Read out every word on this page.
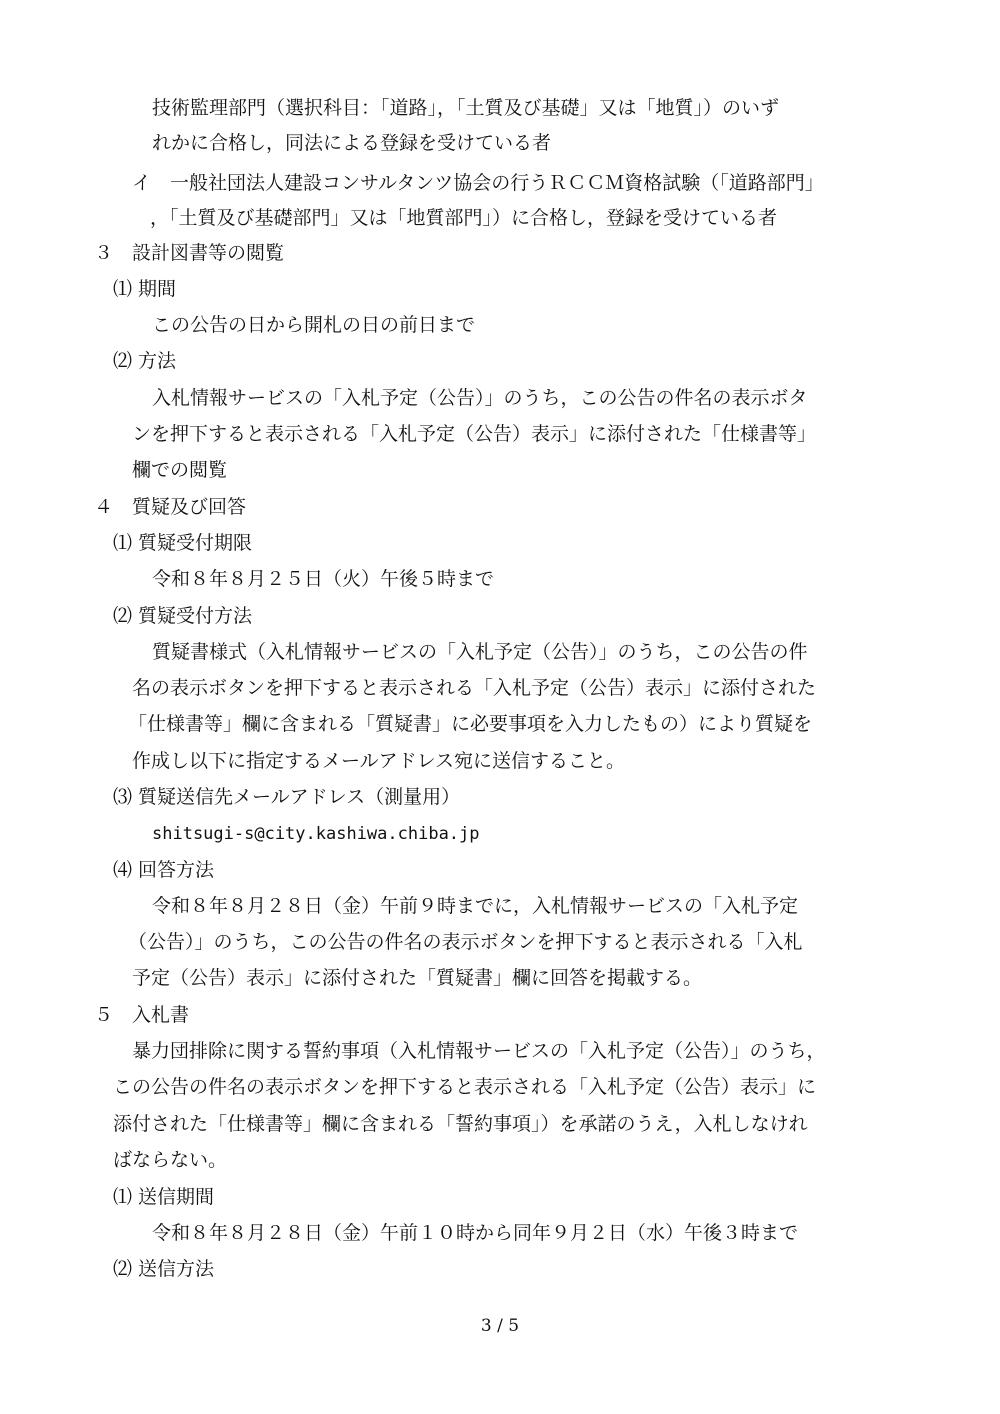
技術監理部門（選択科目：「道路」，「土質及び基礎」又は「地質」）のいず
れかに合格し，同法による登録を受けている者
イ　一般社団法人建設コンサルタンツ協会の行うＲＣＣＭ資格試験（「道路部門」
，「土質及び基礎部門」又は「地質部門」）に合格し，登録を受けている者
３　設計図書等の閲覧
⑴ 期間
この公告の日から開札の日の前日まで
⑵ 方法
入札情報サービスの「入札予定（公告）」のうち，この公告の件名の表示ボタ
ンを押下すると表示される「入札予定（公告）表示」に添付された「仕様書等」
欄での閲覧
４　質疑及び回答
⑴ 質疑受付期限
令和８年８月２５日（火）午後５時まで
⑵ 質疑受付方法
質疑書様式（入札情報サービスの「入札予定（公告）」のうち，この公告の件
名の表示ボタンを押下すると表示される「入札予定（公告）表示」に添付された
「仕様書等」欄に含まれる「質疑書」に必要事項を入力したもの）により質疑を
作成し以下に指定するメールアドレス宛に送信すること。
⑶ 質疑送信先メールアドレス（測量用）
shitsugi-s@city.kashiwa.chiba.jp
⑷ 回答方法
令和８年８月２８日（金）午前９時までに，入札情報サービスの「入札予定
（公告）」のうち，この公告の件名の表示ボタンを押下すると表示される「入札
予定（公告）表示」に添付された「質疑書」欄に回答を掲載する。
５　入札書
暴力団排除に関する誓約事項（入札情報サービスの「入札予定（公告）」のうち，
この公告の件名の表示ボタンを押下すると表示される「入札予定（公告）表示」に
添付された「仕様書等」欄に含まれる「誓約事項」）を承諾のうえ，入札しなけれ
ばならない。
⑴ 送信期間
令和８年８月２８日（金）午前１０時から同年９月２日（水）午後３時まで
⑵ 送信方法
3 / 5
